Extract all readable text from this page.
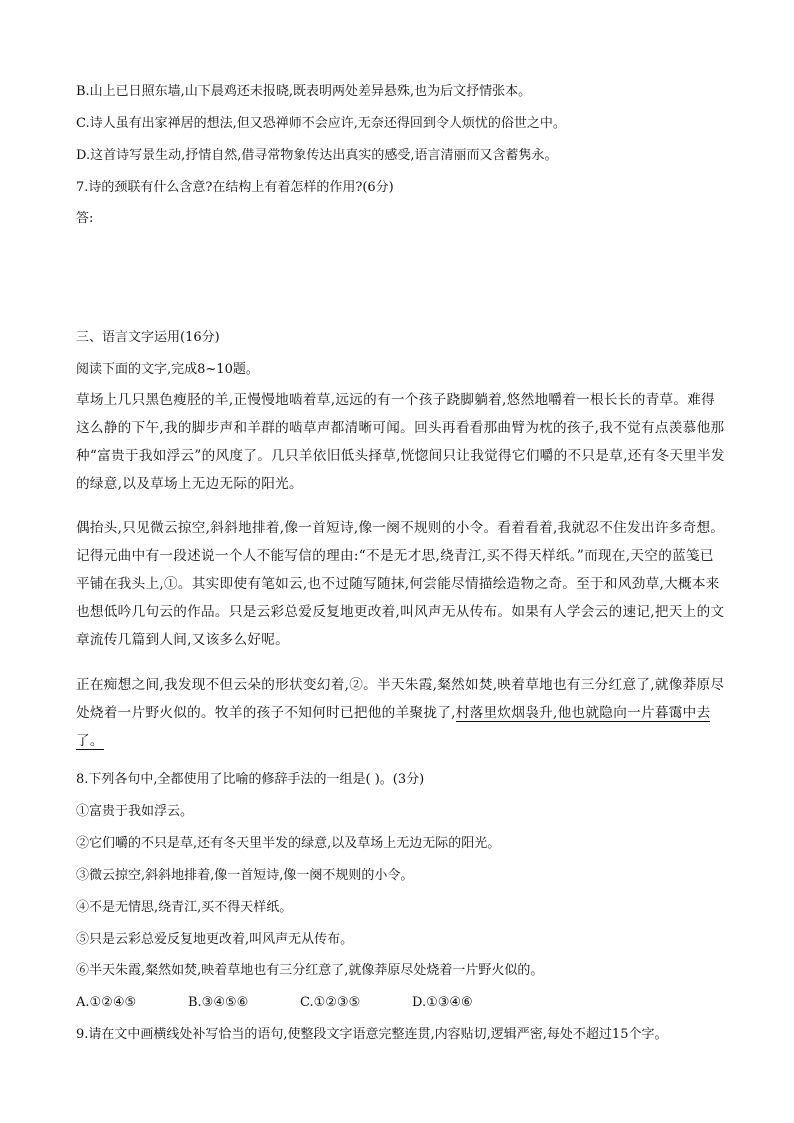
B.山上已日照东墙,山下晨鸡还未报晓,既表明两处差异悬殊,也为后文抒情张本。
C.诗人虽有出家禅居的想法,但又恐禅师不会应许,无奈还得回到令人烦忧的俗世之中。
D.这首诗写景生动,抒情自然,借寻常物象传达出真实的感受,语言清丽而又含蓄隽永。
7.诗的颈联有什么含意?在结构上有着怎样的作用?(6分)
答:
三、语言文字运用(16分)
阅读下面的文字,完成8~10题。
草场上几只黑色瘦胫的羊,正慢慢地啮着草,远远的有一个孩子跷脚躺着,悠然地嚼着一根长长的青草。难得这么静的下午,我的脚步声和羊群的啮草声都清晰可闻。回头再看看那曲臂为枕的孩子,我不觉有点羡慕他那种“富贵于我如浮云”的风度了。几只羊依旧低头择草,恍惚间只让我觉得它们嚼的不只是草,还有冬天里半发的绿意,以及草场上无边无际的阳光。
偶抬头,只见微云掠空,斜斜地排着,像一首短诗,像一阕不规则的小令。看着看着,我就忍不住发出许多奇想。记得元曲中有一段述说一个人不能写信的理由:“不是无才思,绕青江,买不得天样纸。”而现在,天空的蓝笺已平铺在我头上,①。其实即使有笔如云,也不过随写随抹,何尝能尽情描绘造物之奇。至于和风劲草,大概本来也想低吟几句云的作品。只是云彩总爱反复地更改着,叫风声无从传布。如果有人学会云的速记,把天上的文章流传几篇到人间,又该多么好呢。
正在痴想之间,我发现不但云朵的形状变幻着,②。半天朱霞,粲然如焚,映着草地也有三分红意了,就像莽原尽处烧着一片野火似的。牧羊的孩子不知何时已把他的羊聚拢了,村落里炊烟袅升,他也就隐向一片暮霭中去了。
8.下列各句中,全都使用了比喻的修辞手法的一组是( )。(3分)
①富贵于我如浮云。
②它们嚼的不只是草,还有冬天里半发的绿意,以及草场上无边无际的阳光。
③微云掠空,斜斜地排着,像一首短诗,像一阕不规则的小令。
④不是无情思,绕青江,买不得天样纸。
⑤只是云彩总爱反复地更改着,叫风声无从传布。
⑥半天朱霞,粲然如焚,映着草地也有三分红意了,就像莽原尽处烧着一片野火似的。
A.①②④⑤	B.③④⑤⑥	C.①②③⑤	D.①③④⑥
9.请在文中画横线处补写恰当的语句,使整段文字语意完整连贯,内容贴切,逻辑严密,每处不超过15个字。
